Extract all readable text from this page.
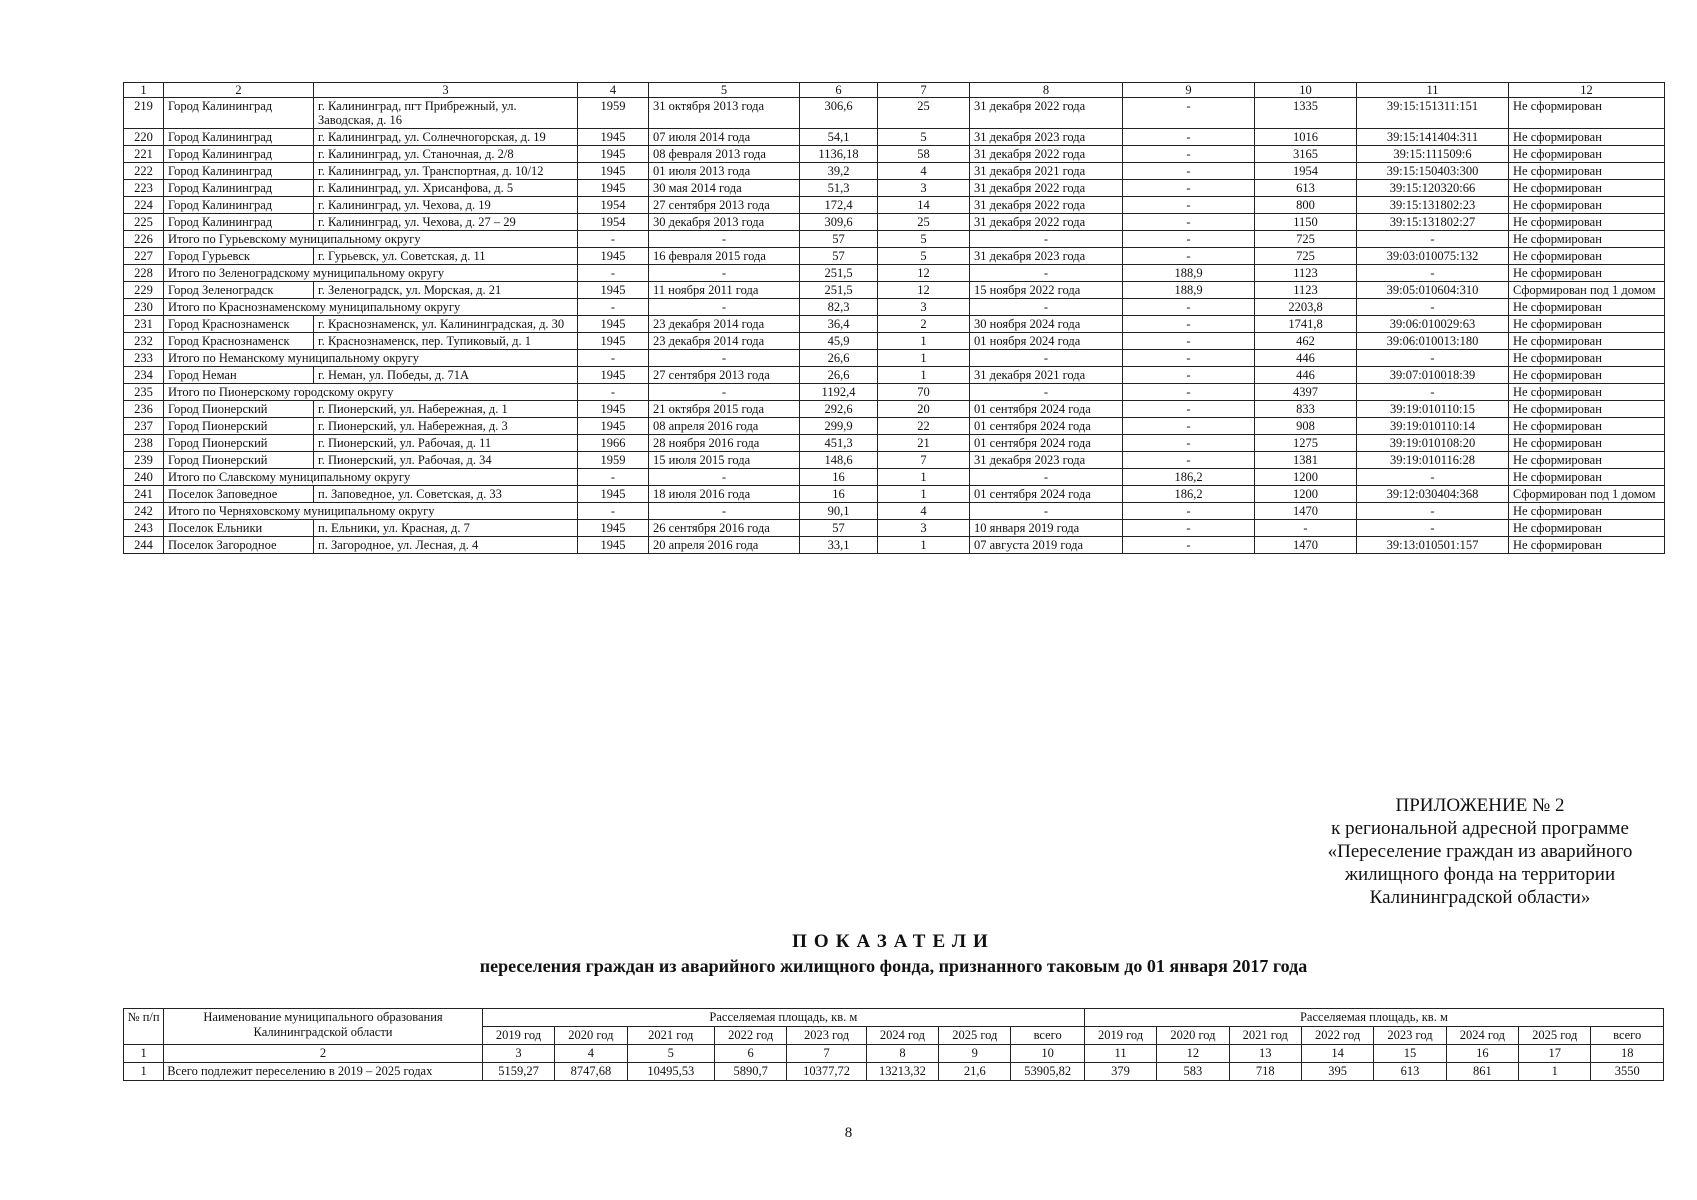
1	2	3	4	5	6	7	8	9	10	11	12
219	Город Калининград	г. Калининград, пгт Прибрежный, ул. Заводская, д. 16	1959	31 октября 2013 года	306,6	25	31 декабря 2022 года	-	1335	39:15:151311:151	Не сформирован
220	Город Калининград	г. Калининград, ул. Солнечногорская, д. 19	1945	07 июля 2014 года	54,1	5	31 декабря 2023 года	-	1016	39:15:141404:311	Не сформирован
221	Город Калининград	г. Калининград, ул. Станочная, д. 2/8	1945	08 февраля 2013 года	1136,18	58	31 декабря 2022 года	-	3165	39:15:111509:6	Не сформирован
222	Город Калининград	г. Калининград, ул. Транспортная, д. 10/12	1945	01 июля 2013 года	39,2	4	31 декабря 2021 года	-	1954	39:15:150403:300	Не сформирован
223	Город Калининград	г. Калининград, ул. Хрисанфова, д. 5	1945	30 мая 2014 года	51,3	3	31 декабря 2022 года	-	613	39:15:120320:66	Не сформирован
224	Город Калининград	г. Калининград, ул. Чехова, д. 19	1954	27 сентября 2013 года	172,4	14	31 декабря 2022 года	-	800	39:15:131802:23	Не сформирован
225	Город Калининград	г. Калининград, ул. Чехова, д. 27 – 29	1954	30 декабря 2013 года	309,6	25	31 декабря 2022 года	-	1150	39:15:131802:27	Не сформирован
226	Итого по Гурьевскому муниципальному округу		-	-	57	5	-	-	725	-	Не сформирован
227	Город Гурьевск	г. Гурьевск, ул. Советская, д. 11	1945	16 февраля 2015 года	57	5	31 декабря 2023 года	-	725	39:03:010075:132	Не сформирован
228	Итого по Зеленоградскому муниципальному округу		-	-	251,5	12	-	188,9	1123	-	Не сформирован
229	Город Зеленоградск	г. Зеленоградск, ул. Морская, д. 21	1945	11 ноября 2011 года	251,5	12	15 ноября 2022 года	188,9	1123	39:05:010604:310	Сформирован под 1 домом
230	Итого по Краснознаменскому муниципальному округу		-	-	82,3	3	-	-	2203,8	-	Не сформирован
231	Город Краснознаменск	г. Краснознаменск, ул. Калининградская, д. 30	1945	23 декабря 2014 года	36,4	2	30 ноября 2024 года	-	1741,8	39:06:010029:63	Не сформирован
232	Город Краснознаменск	г. Краснознаменск, пер. Тупиковый, д. 1	1945	23 декабря 2014 года	45,9	1	01 ноября 2024 года	-	462	39:06:010013:180	Не сформирован
233	Итого по Неманскому муниципальному округу		-	-	26,6	1	-	-	446	-	Не сформирован
234	Город Неман	г. Неман, ул. Победы, д. 71А	1945	27 сентября 2013 года	26,6	1	31 декабря 2021 года	-	446	39:07:010018:39	Не сформирован
235	Итого по Пионерскому городскому округу		-	-	1192,4	70	-	-	4397	-	Не сформирован
236	Город Пионерский	г. Пионерский, ул. Набережная, д. 1	1945	21 октября 2015 года	292,6	20	01 сентября 2024 года	-	833	39:19:010110:15	Не сформирован
237	Город Пионерский	г. Пионерский, ул. Набережная, д. 3	1945	08 апреля 2016 года	299,9	22	01 сентября 2024 года	-	908	39:19:010110:14	Не сформирован
238	Город Пионерский	г. Пионерский, ул. Рабочая, д. 11	1966	28 ноября 2016 года	451,3	21	01 сентября 2024 года	-	1275	39:19:010108:20	Не сформирован
239	Город Пионерский	г. Пионерский, ул. Рабочая, д. 34	1959	15 июля 2015 года	148,6	7	31 декабря 2023 года	-	1381	39:19:010116:28	Не сформирован
240	Итого по Славскому муниципальному округу		-	-	16	1	-	186,2	1200	-	Не сформирован
241	Поселок Заповедное	п. Заповедное, ул. Советская, д. 33	1945	18 июля 2016 года	16	1	01 сентября 2024 года	186,2	1200	39:12:030404:368	Сформирован под 1 домом
242	Итого по Черняховскому муниципальному округу		-	-	90,1	4	-	-	1470	-	Не сформирован
243	Поселок Ельники	п. Ельники, ул. Красная, д. 7	1945	26 сентября 2016 года	57	3	10 января 2019 года	-	-	-	Не сформирован
244	Поселок Загородное	п. Загородное, ул. Лесная, д. 4	1945	20 апреля 2016 года	33,1	1	07 августа 2019 года	-	1470	39:13:010501:157	Не сформирован
ПРИЛОЖЕНИЕ № 2
к региональной адресной программе
«Переселение граждан из аварийного
жилищного фонда на территории
Калининградской области»
ПОКАЗАТЕЛИ
переселения граждан из аварийного жилищного фонда, признанного таковым до 01 января 2017 года
№ п/п	Наименование муниципального образования Калининградской области	Расселяемая площадь, кв. м								Расселяемая площадь, кв. м							
		2019 год	2020 год	2021 год	2022 год	2023 год	2024 год	2025 год	всего	2019 год	2020 год	2021 год	2022 год	2023 год	2024 год	2025 год	всего
1	2	3	4	5	6	7	8	9	10	11	12	13	14	15	16	17	18
1	Всего подлежит переселению в 2019 – 2025 годах	5159,27	8747,68	10495,53	5890,7	10377,72	13213,32	21,6	53905,82	379	583	718	395	613	861	1	3550
8
